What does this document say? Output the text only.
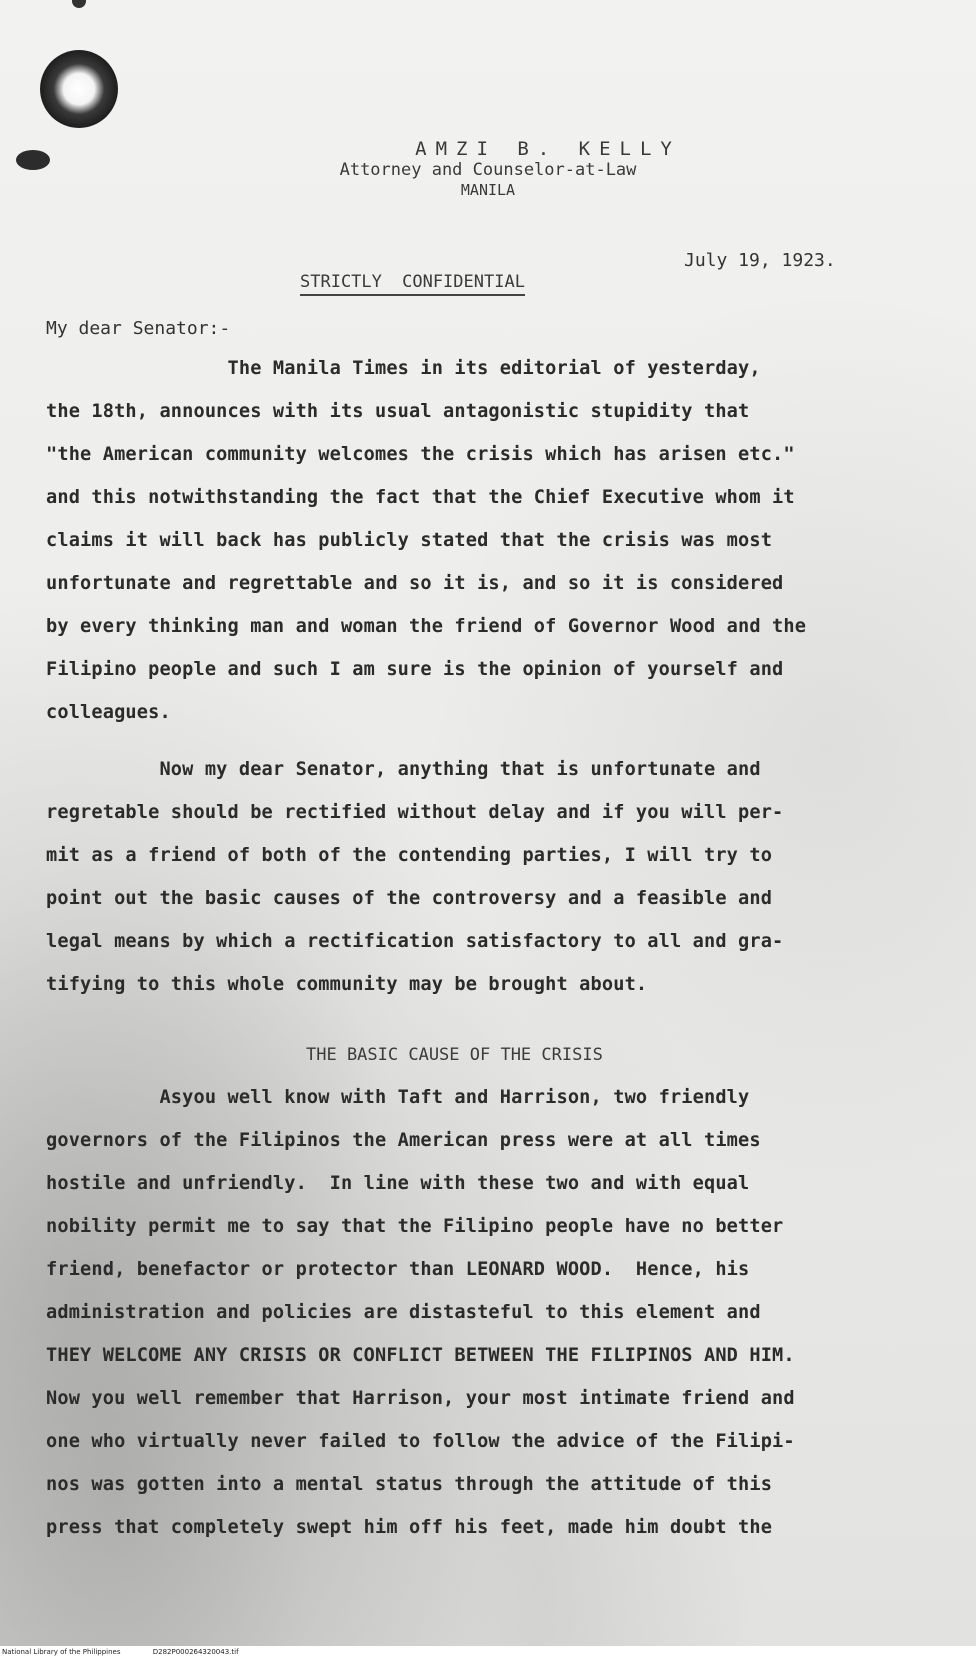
AMZI B. KELLY
Attorney and Counselor-at-Law
MANILA
July 19, 1923.
STRICTLY CONFIDENTIAL
My dear Senator:-
The Manila Times in its editorial of yesterday,
the 18th, announces with its usual antagonistic stupidity that
"the American community welcomes the crisis which has arisen etc."
and this notwithstanding the fact that the Chief Executive whom it
claims it will back has publicly stated that the crisis was most
unfortunate and regrettable and so it is, and so it is considered
by every thinking man and woman the friend of Governor Wood and the
Filipino people and such I am sure is the opinion of yourself and
colleagues.
Now my dear Senator, anything that is unfortunate and
regretable should be rectified without delay and if you will per-
mit as a friend of both of the contending parties, I will try to
point out the basic causes of the controversy and a feasible and
legal means by which a rectification satisfactory to all and gra-
tifying to this whole community may be brought about.
THE BASIC CAUSE OF THE CRISIS
Asyou well know with Taft and Harrison, two friendly
governors of the Filipinos the American press were at all times
hostile and unfriendly.  In line with these two and with equal
nobility permit me to say that the Filipino people have no better
friend, benefactor or protector than LEONARD WOOD.  Hence, his
administration and policies are distasteful to this element and
THEY WELCOME ANY CRISIS OR CONFLICT BETWEEN THE FILIPINOS AND HIM.
Now you well remember that Harrison, your most intimate friend and
one who virtually never failed to follow the advice of the Filipi-
nos was gotten into a mental status through the attitude of this
press that completely swept him off his feet, made him doubt the
National Library of the Philippines	D282P000264320043.tif
